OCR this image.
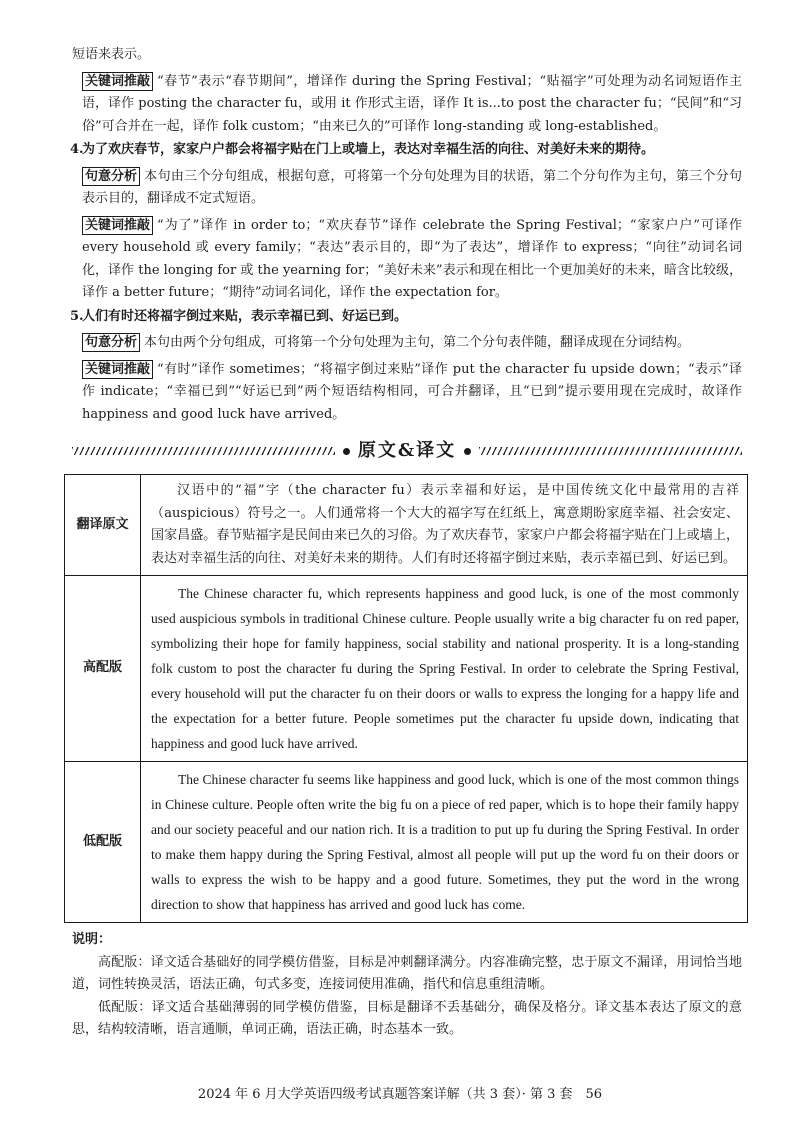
短语来表示。

关键词推敲 “春节”表示“春节期间”，增译作 during the Spring Festival；“贴福字”可处理为动名词短语作主语，译作 posting the character fu，或用 it 作形式主语，译作 It is...to post the character fu；“民间”和“习俗”可合并在一起，译作 folk custom；“由来已久的”可译作 long-standing 或 long-established。

4.为了欢庆春节，家家户户都会将福字贴在门上或墙上，表达对幸福生活的向往、对美好未来的期待。

句意分析 本句由三个分句组成，根据句意，可将第一个分句处理为目的状语，第二个分句作为主句，第三个分句表示目的，翻译成不定式短语。

关键词推敲 “为了”译作 in order to；“欢庆春节”译作 celebrate the Spring Festival；“家家户户”可译作 every household 或 every family；“表达”表示目的，即“为了表达”，增译作 to express；“向往”动词名词化，译作 the longing for 或 the yearning for；“美好未来”表示和现在相比一个更加美好的未来，暗含比较级，译作 a better future；“期待”动词名词化，译作 the expectation for。

5.人们有时还将福字倒过来贴，表示幸福已到、好运已到。

句意分析 本句由两个分句组成，可将第一个分句处理为主句，第二个分句表伴随，翻译成现在分词结构。

关键词推敲 “有时”译作 sometimes；“将福字倒过来贴”译作 put the character fu upside down；“表示”译作 indicate；“幸福已到”“好运已到”两个短语结构相同，可合并翻译，且“已到”提示要用现在完成时，故译作 happiness and good luck have arrived。

原文&译文
翻译原文	汉语中的“福”字（the character fu）表示幸福和好运，是中国传统文化中最常用的吉祥（auspicious）符号之一。人们通常将一个大大的福字写在红纸上，寓意期盼家庭幸福、社会安定、国家昌盛。春节贴福字是民间由来已久的习俗。为了欢庆春节，家家户户都会将福字贴在门上或墙上，表达对幸福生活的向往、对美好未来的期待。人们有时还将福字倒过来贴，表示幸福已到、好运已到。

高配版	The Chinese character fu, which represents happiness and good luck, is one of the most commonly used auspicious symbols in traditional Chinese culture. People usually write a big character fu on red paper, symbolizing their hope for family happiness, social stability and national prosperity. It is a long-standing folk custom to post the character fu during the Spring Festival. In order to celebrate the Spring Festival, every household will put the character fu on their doors or walls to express the longing for a happy life and the expectation for a better future. People sometimes put the character fu upside down, indicating that happiness and good luck have arrived.

低配版	The Chinese character fu seems like happiness and good luck, which is one of the most common things in Chinese culture. People often write the big fu on a piece of red paper, which is to hope their family happy and our society peaceful and our nation rich. It is a tradition to put up fu during the Spring Festival. In order to make them happy during the Spring Festival, almost all people will put up the word fu on their doors or walls to express the wish to be happy and a good future. Sometimes, they put the word in the wrong direction to show that happiness has arrived and good luck has come.

说明：

高配版：译文适合基础好的同学模仿借鉴，目标是冲刺翻译满分。内容准确完整，忠于原文不漏译，用词恰当地道，词性转换灵活，语法正确，句式多变，连接词使用准确，指代和信息重组清晰。

低配版：译文适合基础薄弱的同学模仿借鉴，目标是翻译不丢基础分，确保及格分。译文基本表达了原文的意思，结构较清晰，语言通顺，单词正确，语法正确，时态基本一致。

2024 年 6 月大学英语四级考试真题答案详解（共 3 套）· 第 3 套　56
